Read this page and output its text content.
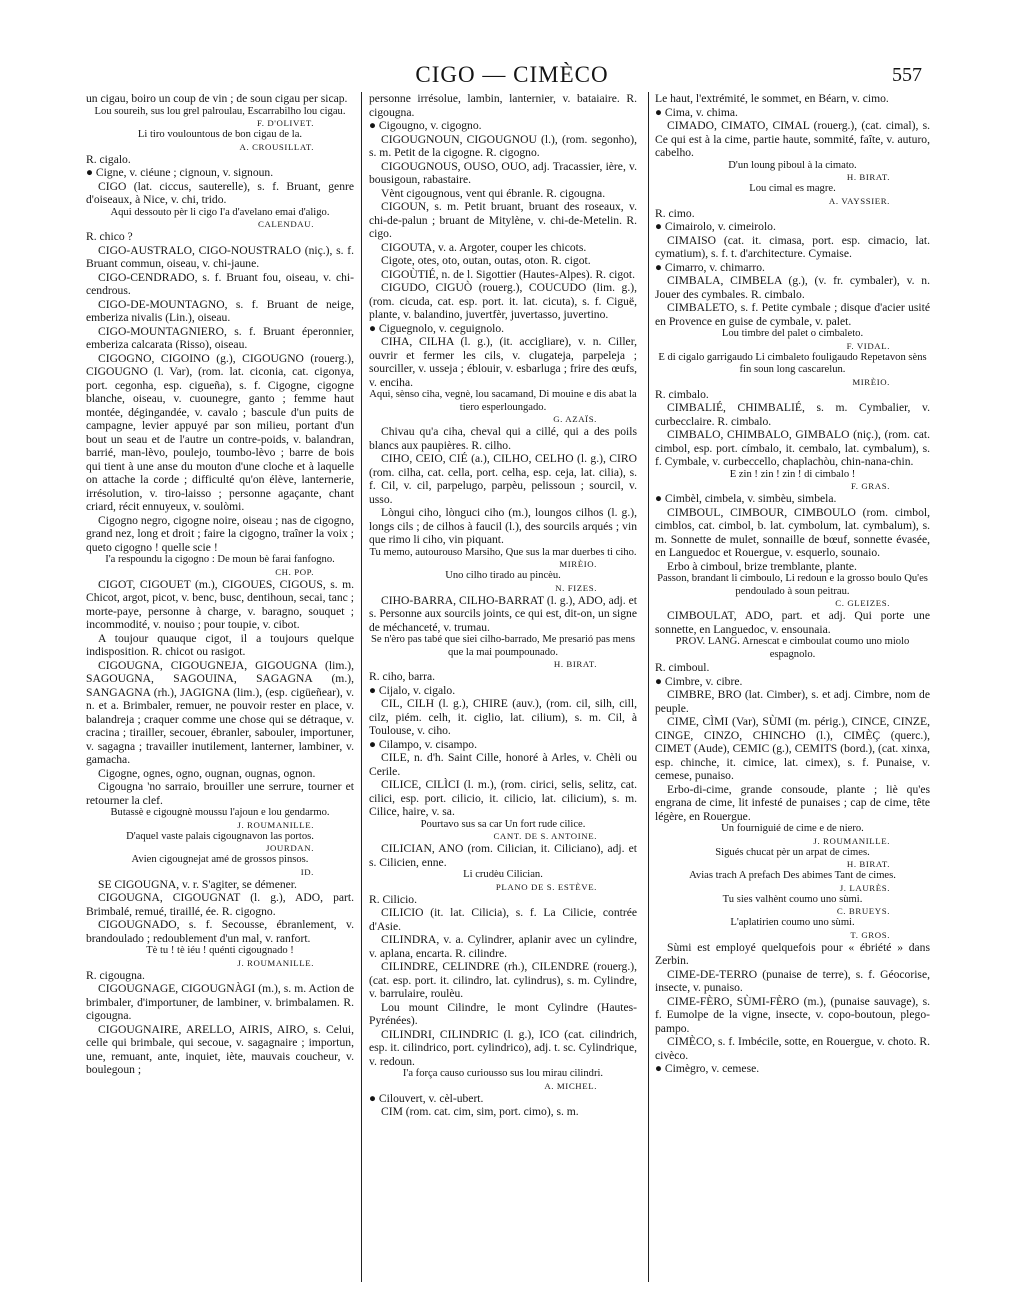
CIGO — CIMÈCO	557

un cigau, boiro un coup de vin ; de soun cigau per sicap.

Lou soureih, sus lou grel palroulau, Escarrabilho lou cigau.

F. D'OLIVET.

Li tiro voulountous de bon cigau de la.

A. CROUSILLAT.

R. cigalo.

● Cigne, v. ciéune ; cignoun, v. signoun.

CIGO (lat. ciccus, sauterelle), s. f. Bruant, genre d'oiseaux, à Nice, v. chi, trido.

Aqui dessouto pèr li cigo I'a d'avelano emai d'aligo.

CALENDAU.

R. chico ?

CIGO-AUSTRALO, CIGO-NOUSTRALO (niç.), s. f. Bruant commun, oiseau, v. chi-jaune.

CIGO-CENDRADO, s. f. Bruant fou, oiseau, v. chi-cendrous.

CIGO-DE-MOUNTAGNO, s. f. Bruant de neige, emberiza nivalis (Lin.), oiseau.

CIGO-MOUNTAGNIERO, s. f. Bruant éperonnier, emberiza calcarata (Risso), oiseau.

CIGOGNO, CIGOINO (g.), CIGOUGNO (rouerg.), CIGOUGNO (l. Var), (rom. lat. ciconia, cat. cigonya, port. cegonha, esp. cigueña), s. f. Cigogne, cigogne blanche, oiseau, v. cuounegre, ganto ; femme haut montée, dégingandée, v. cavalo ; bascule d'un puits de campagne, levier appuyé par son milieu, portant d'un bout un seau et de l'autre un contre-poids, v. balandran, barrié, man-lèvo, poulejo, toumbo-lèvo ; barre de bois qui tient à une anse du mouton d'une cloche et à laquelle on attache la corde ; difficulté qu'on élève, lanternerie, irrésolution, v. tiro-laisso ; personne agaçante, chant criard, récit ennuyeux, v. soulòmi.

Cigogno negro, cigogne noire, oiseau ; nas de cigogno, grand nez, long et droit ; faire la cigogno, traîner la voix ; queto cigogno ! quelle scie !

I'a respoundu la cigogno : De moun bè farai fanfogno.

CH. POP.

CIGOT, CIGOUET (m.), CIGOUES, CIGOUS, s. m. Chicot, argot, picot, v. benc, busc, dentihoun, secai, tanc ; morte-paye, personne à charge, v. baragno, souquet ; incommodité, v. nouiso ; pour toupie, v. cibot.

A toujour quauque cigot, il a toujours quelque indisposition. R. chicot ou rasigot.

CIGOUGNA, CIGOUGNEJA, GIGOUGNA (lim.), SAGOUGNA, SAGOUINA, SAGAGNA (m.), SANGAGNA (rh.), JAGIGNA (lim.), (esp. cigüeñear), v. n. et a. Brimbaler, remuer, ne pouvoir rester en place, v. balandreja ; craquer comme une chose qui se détraque, v. cracina ; tirailler, secouer, ébranler, sabouler, importuner, v. sagagna ; travailler inutilement, lanterner, lambiner, v. gamacha.

Cigogne, ognes, ogno, ougnan, ougnas, ognon.

Cigougna 'no sarraio, brouiller une serrure, tourner et retourner la clef.

Butassè e cigougnè moussu l'ajoun e lou gendarmo.

J. ROUMANILLE.

D'aquel vaste palais cigougnavon las portos.

JOURDAN.

Avien cigougnejat amé de grossos pinsos.

ID.

SE CIGOUGNA, v. r. S'agiter, se démener.

CIGOUGNA, CIGOUGNAT (l. g.), ADO, part. Brimbalé, remué, tiraillé, ée. R. cigogno.

CIGOUGNADO, s. f. Secousse, ébranlement, v. brandoulado ; redoublement d'un mal, v. ranfort.

Tè tu ! tè iéu ! quénti cigougnado !

J. ROUMANILLE.

R. cigougna.

CIGOUGNAGE, CIGOUGNÀGI (m.), s. m. Action de brimbaler, d'importuner, de lambiner, v. brimbalamen. R. cigougna.

CIGOUGNAIRE, ARELLO, AIRIS, AIRO, s. Celui, celle qui brimbale, qui secoue, v. sagagnaire ; importun, une, remuant, ante, inquiet, iète, mauvais coucheur, v. boulegoun ;

personne irrésolue, lambin, lanternier, v. bataiaire. R. cigougna.

● Cigougno, v. cigogno.

CIGOUGNOUN, CIGOUGNOU (l.), (rom. segonho), s. m. Petit de la cigogne. R. cigogno.

CIGOUGNOUS, OUSO, OUO, adj. Tracassier, ière, v. bousigoun, rabastaire.

Vènt cigougnous, vent qui ébranle. R. cigougna.

CIGOUN, s. m. Petit bruant, bruant des roseaux, v. chi-de-palun ; bruant de Mitylène, v. chi-de-Metelin. R. cigo.

CIGOUTA, v. a. Argoter, couper les chicots.

Cigote, otes, oto, outan, outas, oton. R. cigot.

CIGOÙTIÉ, n. de l. Sigottier (Hautes-Alpes). R. cigot.

CIGUDO, CIGUÒ (rouerg.), COUCUDO (lim. g.), (rom. cicuda, cat. esp. port. it. lat. cicuta), s. f. Ciguë, plante, v. balandino, juvertfèr, juvertasso, juvertino.

● Ciguegnolo, v. ceguignolo.

CIHA, CILHA (l. g.), (it. accigliare), v. n. Ciller, ouvrir et fermer les cils, v. clugateja, parpeleja ; sourciller, v. usseja ; éblouir, v. esbarluga ; frire des œufs, v. enciha.

Aqui, sènso ciha, vegnè, lou sacamand, Di mouine e dis abat la tiero esperloungado.

G. AZAÏS.

Chivau qu'a ciha, cheval qui a cillé, qui a des poils blancs aux paupières. R. cilho.

CIHO, CEIO, CIÉ (a.), CILHO, CELHO (l. g.), CIRO (rom. cilha, cat. cella, port. celha, esp. ceja, lat. cilia), s. f. Cil, v. cil, parpelugo, parpèu, pelissoun ; sourcil, v. usso.

Lòngui ciho, lònguci ciho (m.), loungos cilhos (l. g.), longs cils ; de cilhos à faucil (l.), des sourcils arqués ; vin que rimo li ciho, vin piquant.

Tu memo, autourouso Marsiho, Que sus la mar duerbes ti ciho.

MIRÈIO.

Uno cilho tirado au pincèu.

N. FIZES.

CIHO-BARRA, CILHO-BARRAT (l. g.), ADO, adj. et s. Personne aux sourcils joints, ce qui est, dit-on, un signe de méchanceté, v. trumau.

Se n'èro pas tabé que siei cilho-barrado, Me presarió pas mens que la mai poumpounado.

H. BIRAT.

R. ciho, barra.

● Cijalo, v. cigalo.

CIL, CILH (l. g.), CHIRE (auv.), (rom. cil, silh, cill, cilz, piém. celh, it. ciglio, lat. cilium), s. m. Cil, à Toulouse, v. ciho.

● Cilampo, v. cisampo.

CILE, n. d'h. Saint Cille, honoré à Arles, v. Chèli ou Cerile.

CILICE, CILÌCI (l. m.), (rom. cirici, selis, selitz, cat. cilici, esp. port. cilicio, it. cilicio, lat. cilicium), s. m. Cilice, haire, v. sa.

Pourtavo sus sa car Un fort rude cilice.

CANT. DE S. ANTOINE.

CILICIAN, ANO (rom. Cilician, it. Ciliciano), adj. et s. Cilicien, enne.

Li crudèu Cilician.

PLANO DE S. ESTÈVE.

R. Cilicio.

CILICIO (it. lat. Cilicia), s. f. La Cilicie, contrée d'Asie.

CILINDRA, v. a. Cylindrer, aplanir avec un cylindre, v. aplana, encarta. R. cilindre.

CILINDRE, CELINDRE (rh.), CILENDRE (rouerg.), (cat. esp. port. it. cilindro, lat. cylindrus), s. m. Cylindre, v. barrulaire, roulèu.

Lou mount Cilindre, le mont Cylindre (Hautes-Pyrénées).

CILINDRI, CILINDRIC (l. g.), ICO (cat. cilindrich, esp. it. cilindrico, port. cylindrico), adj. t. sc. Cylindrique, v. redoun.

I'a força causo curiousso sus lou mirau cilindri.

A. MICHEL.

● Cilouvert, v. cèl-ubert.

CIM (rom. cat. cim, sim, port. cimo), s. m.

Le haut, l'extrémité, le sommet, en Béarn, v. cimo.

● Cima, v. chima.

CIMADO, CIMATO, CIMAL (rouerg.), (cat. cimal), s. Ce qui est à la cime, partie haute, sommité, faîte, v. auturo, cabelho.

D'un loung piboul à la cimato.

H. BIRAT.

Lou cimal es magre.

A. VAYSSIER.

R. cimo.

● Cimairolo, v. cimeirolo.

CIMAISO (cat. it. cimasa, port. esp. cimacio, lat. cymatium), s. f. t. d'architecture. Cymaise.

● Cimarro, v. chimarro.

CIMBALA, CIMBELA (g.), (v. fr. cymbaler), v. n. Jouer des cymbales. R. cimbalo.

CIMBALETO, s. f. Petite cymbale ; disque d'acier usité en Provence en guise de cymbale, v. palet.

Lou timbre del palet o cimbaleto.

F. VIDAL.

E di cigalo garrigaudo Li cimbaleto fouligaudo Repetavon sèns fin soun long cascarelun.

MIRÈIO.

R. cimbalo.

CIMBALIÉ, CHIMBALIÉ, s. m. Cymbalier, v. curbecclaire. R. cimbalo.

CIMBALO, CHIMBALO, GIMBALO (niç.), (rom. cat. cimbol, esp. port. címbalo, it. cembalo, lat. cymbalum), s. f. Cymbale, v. curbeccello, chaplachòu, chin-nana-chin.

E zin ! zin ! zin ! di cimbalo !

F. GRAS.

● Cimbèl, cimbela, v. simbèu, simbela.

CIMBOUL, CIMBOUR, CIMBOULO (rom. cimbol, cimblos, cat. cimbol, b. lat. cymbolum, lat. cymbalum), s. m. Sonnette de mulet, sonnaille de bœuf, sonnette évasée, en Languedoc et Rouergue, v. esquerlo, sounaio.

Erbo à cimboul, brize tremblante, plante.

Passon, brandant li cimboulo, Li redoun e la grosso boulo Qu'es pendoulado à soun peitrau.

C. GLEIZES.

CIMBOULAT, ADO, part. et adj. Qui porte une sonnette, en Languedoc, v. ensounaia.

PROV. LANG. Arnescat e cimboulat coumo uno miolo espagnolo.

R. cimboul.

● Cimbre, v. cibre.

CIMBRE, BRO (lat. Cimber), s. et adj. Cimbre, nom de peuple.

CIME, CÌMI (Var), SÙMI (m. périg.), CINCE, CINZE, CINGE, CINZO, CHINCHO (l.), CIMÈÇ (querc.), CIMET (Aude), CEMIC (g.), CEMITS (bord.), (cat. xinxa, esp. chinche, it. cimice, lat. cimex), s. f. Punaise, v. cemese, punaiso.

Erbo-di-cime, grande consoude, plante ; liè qu'es engrana de cime, lit infesté de punaises ; cap de cime, tête légère, en Rouergue.

Un fourniguié de cime e de niero.

J. ROUMANILLE.

Sigués chucat pèr un arpat de cimes.

H. BIRAT.

Avias trach A prefach Des abimes Tant de cimes.

J. LAURÈS.

Tu sies valhènt coumo uno sùmi.

C. BRUEYS.

L'aplatirien coumo uno sùmi.

T. GROS.

Sùmi est employé quelquefois pour « ébriété » dans Zerbin.

CIME-DE-TERRO (punaise de terre), s. f. Géocorise, insecte, v. punaiso.

CIME-FÈRO, SÙMI-FÈRO (m.), (punaise sauvage), s. f. Eumolpe de la vigne, insecte, v. copo-boutoun, plego-pampo.

CIMÈCO, s. f. Imbécile, sotte, en Rouergue, v. choto. R. civèco.

● Cimègro, v. cemese.
